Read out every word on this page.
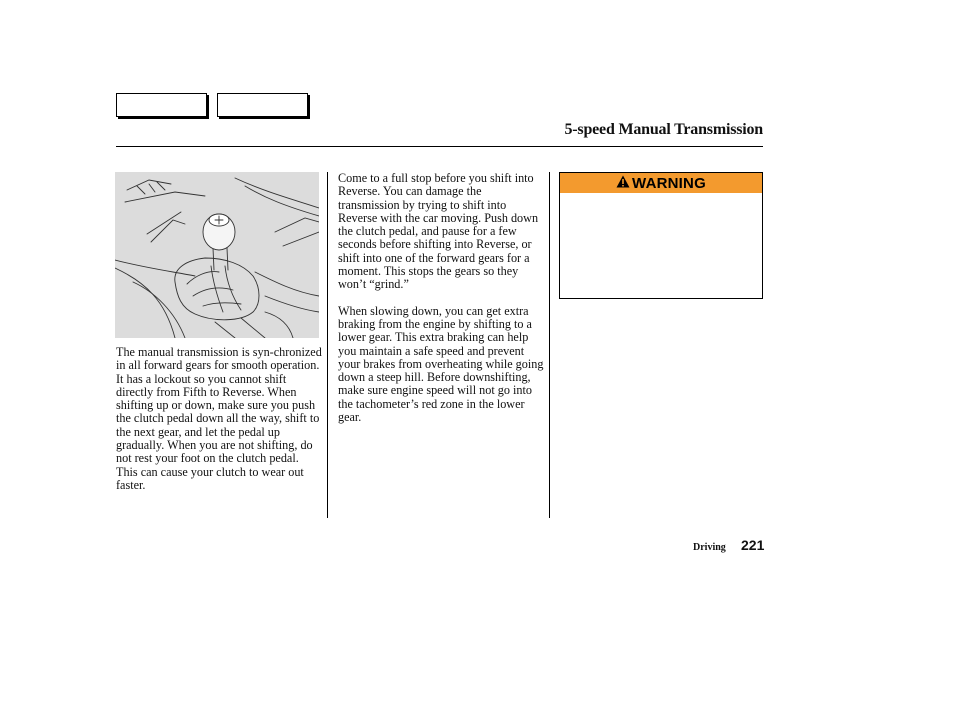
5-speed Manual Transmission
The manual transmission is syn-chronized in all forward gears for smooth operation. It has a lockout so you cannot shift directly from Fifth to Reverse. When shifting up or down, make sure you push the clutch pedal down all the way, shift to the next gear, and let the pedal up gradually. When you are not shifting, do not rest your foot on the clutch pedal. This can cause your clutch to wear out faster.

Come to a full stop before you shift into Reverse. You can damage the transmission by trying to shift into Reverse with the car moving. Push down the clutch pedal, and pause for a few seconds before shifting into Reverse, or shift into one of the forward gears for a moment. This stops the gears so they won’t “grind.”

When slowing down, you can get extra braking from the engine by shifting to a lower gear. This extra braking can help you maintain a safe speed and prevent your brakes from overheating while going down a steep hill. Before downshifting, make sure engine speed will not go into the tachometer’s red zone in the lower gear.

WARNING
Driving 221
